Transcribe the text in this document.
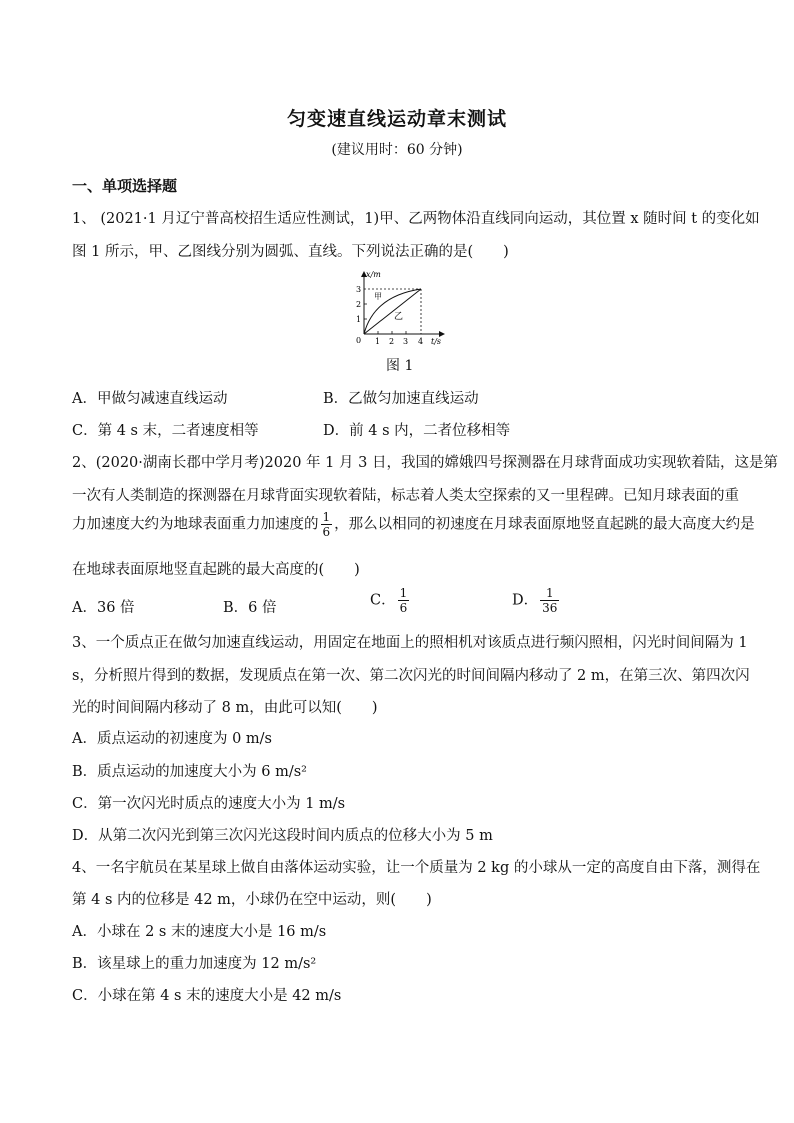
匀变速直线运动章末测试
(建议用时：60 分钟)
一、单项选择题
1、 (2021·1 月辽宁普高校招生适应性测试，1)甲、乙两物体沿直线同向运动，其位置 x 随时间 t 的变化如
图 1 所示，甲、乙图线分别为圆弧、直线。下列说法正确的是( )
x/m
t/s
0
1
2
3
1 2 3 4
甲
乙
图 1
A．甲做匀减速直线运动	B．乙做匀加速直线运动
C．第 4 s 末，二者速度相等	D．前 4 s 内，二者位移相等
2、(2020·湖南长郡中学月考)2020 年 1 月 3 日，我国的嫦娥四号探测器在月球背面成功实现软着陆，这是第
一次有人类制造的探测器在月球背面实现软着陆，标志着人类太空探索的又一里程碑。已知月球表面的重
力加速度大约为地球表面重力加速度的 $\frac{1}{6}$ ，那么以相同的初速度在月球表面原地竖直起跳的最大高度大约是
在地球表面原地竖直起跳的最大高度的( )
A．36 倍	B．6 倍	C． $\frac{1}{6}$	D． $\frac{1}{36}$
3、一个质点正在做匀加速直线运动，用固定在地面上的照相机对该质点进行频闪照相，闪光时间间隔为 1
s，分析照片得到的数据，发现质点在第一次、第二次闪光的时间间隔内移动了 2 m，在第三次、第四次闪
光的时间间隔内移动了 8 m，由此可以知( )
A．质点运动的初速度为 0 m/s
B．质点运动的加速度大小为 6 m/s²
C．第一次闪光时质点的速度大小为 1 m/s
D．从第二次闪光到第三次闪光这段时间内质点的位移大小为 5 m
4、一名宇航员在某星球上做自由落体运动实验，让一个质量为 2 kg 的小球从一定的高度自由下落，测得在
第 4 s 内的位移是 42 m，小球仍在空中运动，则( )
A．小球在 2 s 末的速度大小是 16 m/s
B．该星球上的重力加速度为 12 m/s²
C．小球在第 4 s 末的速度大小是 42 m/s
